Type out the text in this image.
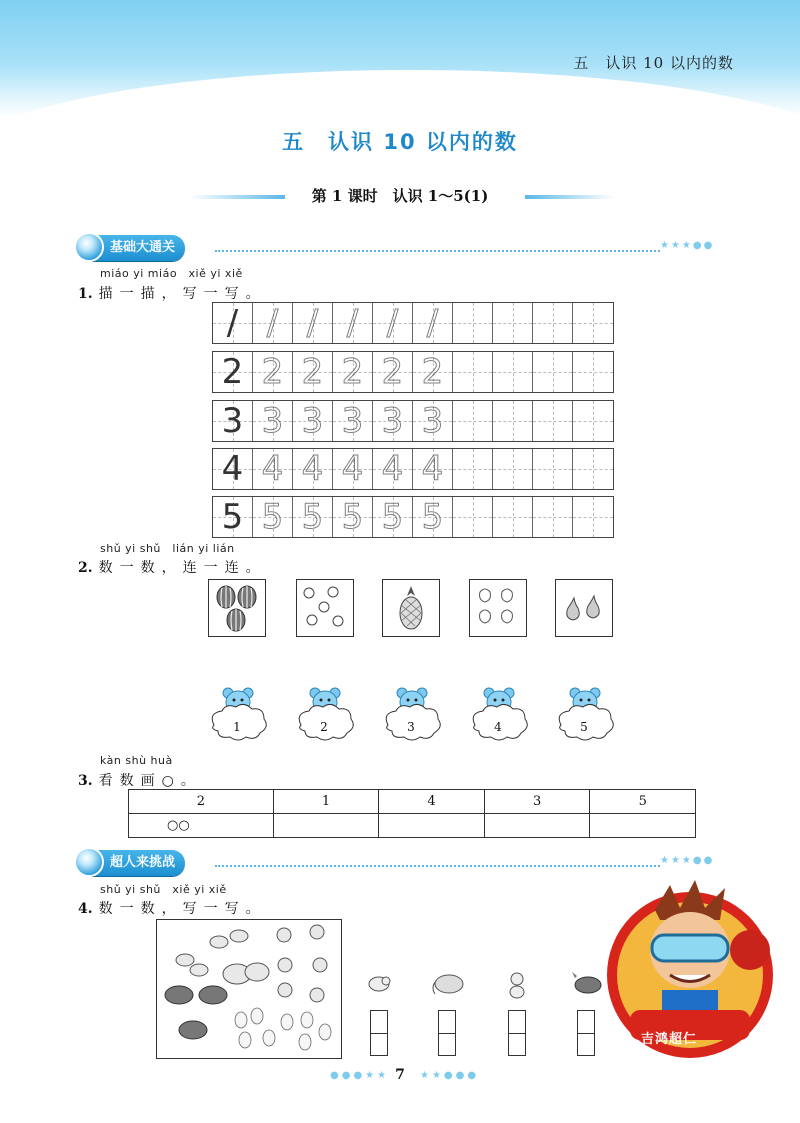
五　认识 10 以内的数
五　认识 10 以内的数
第 1 课时　认识 1～5(1)
基础大通关	★★★●●
miáo yi miáo　xiě yi xiě
1. 描一描，写一写。
/ / / / / /
2 2 2 2 2 2
3 3 3 3 3 3
4 4 4 4 4 4
5 5 5 5 5 5
shǔ yi shǔ　lián yi lián
2. 数一数，连一连。
1	2	3	4	5
kàn shù huà
3. 看数画○。
2	1	4	3	5
○○				
超人来挑战	★★★●●
shǔ yi shǔ　xiě yi xiě
4. 数一数，写一写。
吉鸿超仁
●●●★★ 7	★★●●●
